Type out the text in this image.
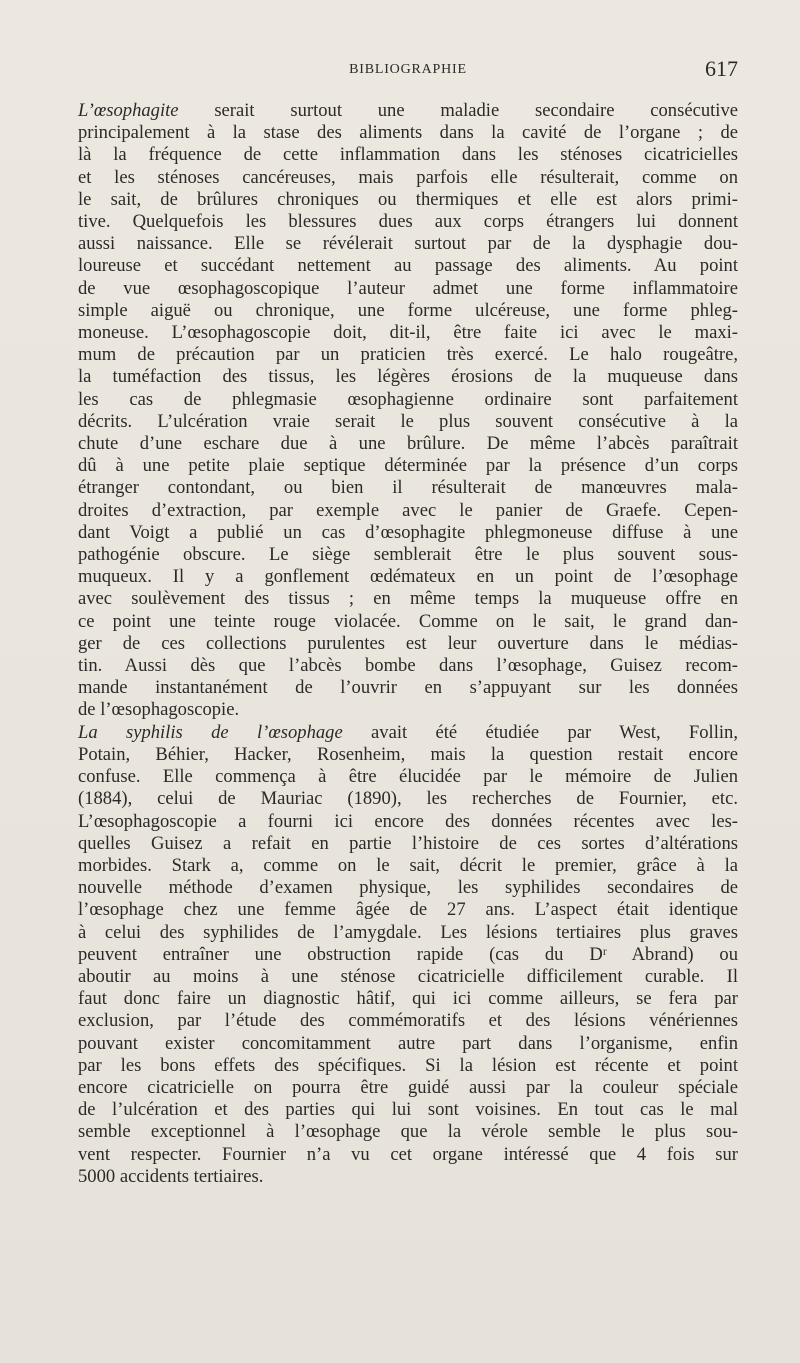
BIBLIOGRAPHIE	617

L’œsophagite serait surtout une maladie secondaire consécutive
principalement à la stase des aliments dans la cavité de l’organe ; de
là la fréquence de cette inflammation dans les sténoses cicatricielles
et les sténoses cancéreuses, mais parfois elle résulterait, comme on
le sait, de brûlures chroniques ou thermiques et elle est alors primi-
tive. Quelquefois les blessures dues aux corps étrangers lui donnent
aussi naissance. Elle se révélerait surtout par de la dysphagie dou-
loureuse et succédant nettement au passage des aliments. Au point
de vue œsophagoscopique l’auteur admet une forme inflammatoire
simple aiguë ou chronique, une forme ulcéreuse, une forme phleg-
moneuse. L’œsophagoscopie doit, dit-il, être faite ici avec le maxi-
mum de précaution par un praticien très exercé. Le halo rougeâtre,
la tuméfaction des tissus, les légères érosions de la muqueuse dans
les cas de phlegmasie œsophagienne ordinaire sont parfaitement
décrits. L’ulcération vraie serait le plus souvent consécutive à la
chute d’une eschare due à une brûlure. De même l’abcès paraîtrait
dû à une petite plaie septique déterminée par la présence d’un corps
étranger contondant, ou bien il résulterait de manœuvres mala-
droites d’extraction, par exemple avec le panier de Graefe. Cepen-
dant Voigt a publié un cas d’œsophagite phlegmoneuse diffuse à une
pathogénie obscure. Le siège semblerait être le plus souvent sous-
muqueux. Il y a gonflement œdémateux en un point de l’œsophage
avec soulèvement des tissus ; en même temps la muqueuse offre en
ce point une teinte rouge violacée. Comme on le sait, le grand dan-
ger de ces collections purulentes est leur ouverture dans le médias-
tin. Aussi dès que l’abcès bombe dans l’œsophage, Guisez recom-
mande instantanément de l’ouvrir en s’appuyant sur les données
de l’œsophagoscopie.

La syphilis de l’œsophage avait été étudiée par West, Follin,
Potain, Béhier, Hacker, Rosenheim, mais la question restait encore
confuse. Elle commença à être élucidée par le mémoire de Julien
(1884), celui de Mauriac (1890), les recherches de Fournier, etc.
L’œsophagoscopie a fourni ici encore des données récentes avec les-
quelles Guisez a refait en partie l’histoire de ces sortes d’altérations
morbides. Stark a, comme on le sait, décrit le premier, grâce à la
nouvelle méthode d’examen physique, les syphilides secondaires de
l’œsophage chez une femme âgée de 27 ans. L’aspect était identique
à celui des syphilides de l’amygdale. Les lésions tertiaires plus graves
peuvent entraîner une obstruction rapide (cas du Dʳ Abrand) ou
aboutir au moins à une sténose cicatricielle difficilement curable. Il
faut donc faire un diagnostic hâtif, qui ici comme ailleurs, se fera par
exclusion, par l’étude des commémoratifs et des lésions vénériennes
pouvant exister concomitamment autre part dans l’organisme, enfin
par les bons effets des spécifiques. Si la lésion est récente et point
encore cicatricielle on pourra être guidé aussi par la couleur spéciale
de l’ulcération et des parties qui lui sont voisines. En tout cas le mal
semble exceptionnel à l’œsophage que la vérole semble le plus sou-
vent respecter. Fournier n’a vu cet organe intéressé que 4 fois sur
5000 accidents tertiaires.
